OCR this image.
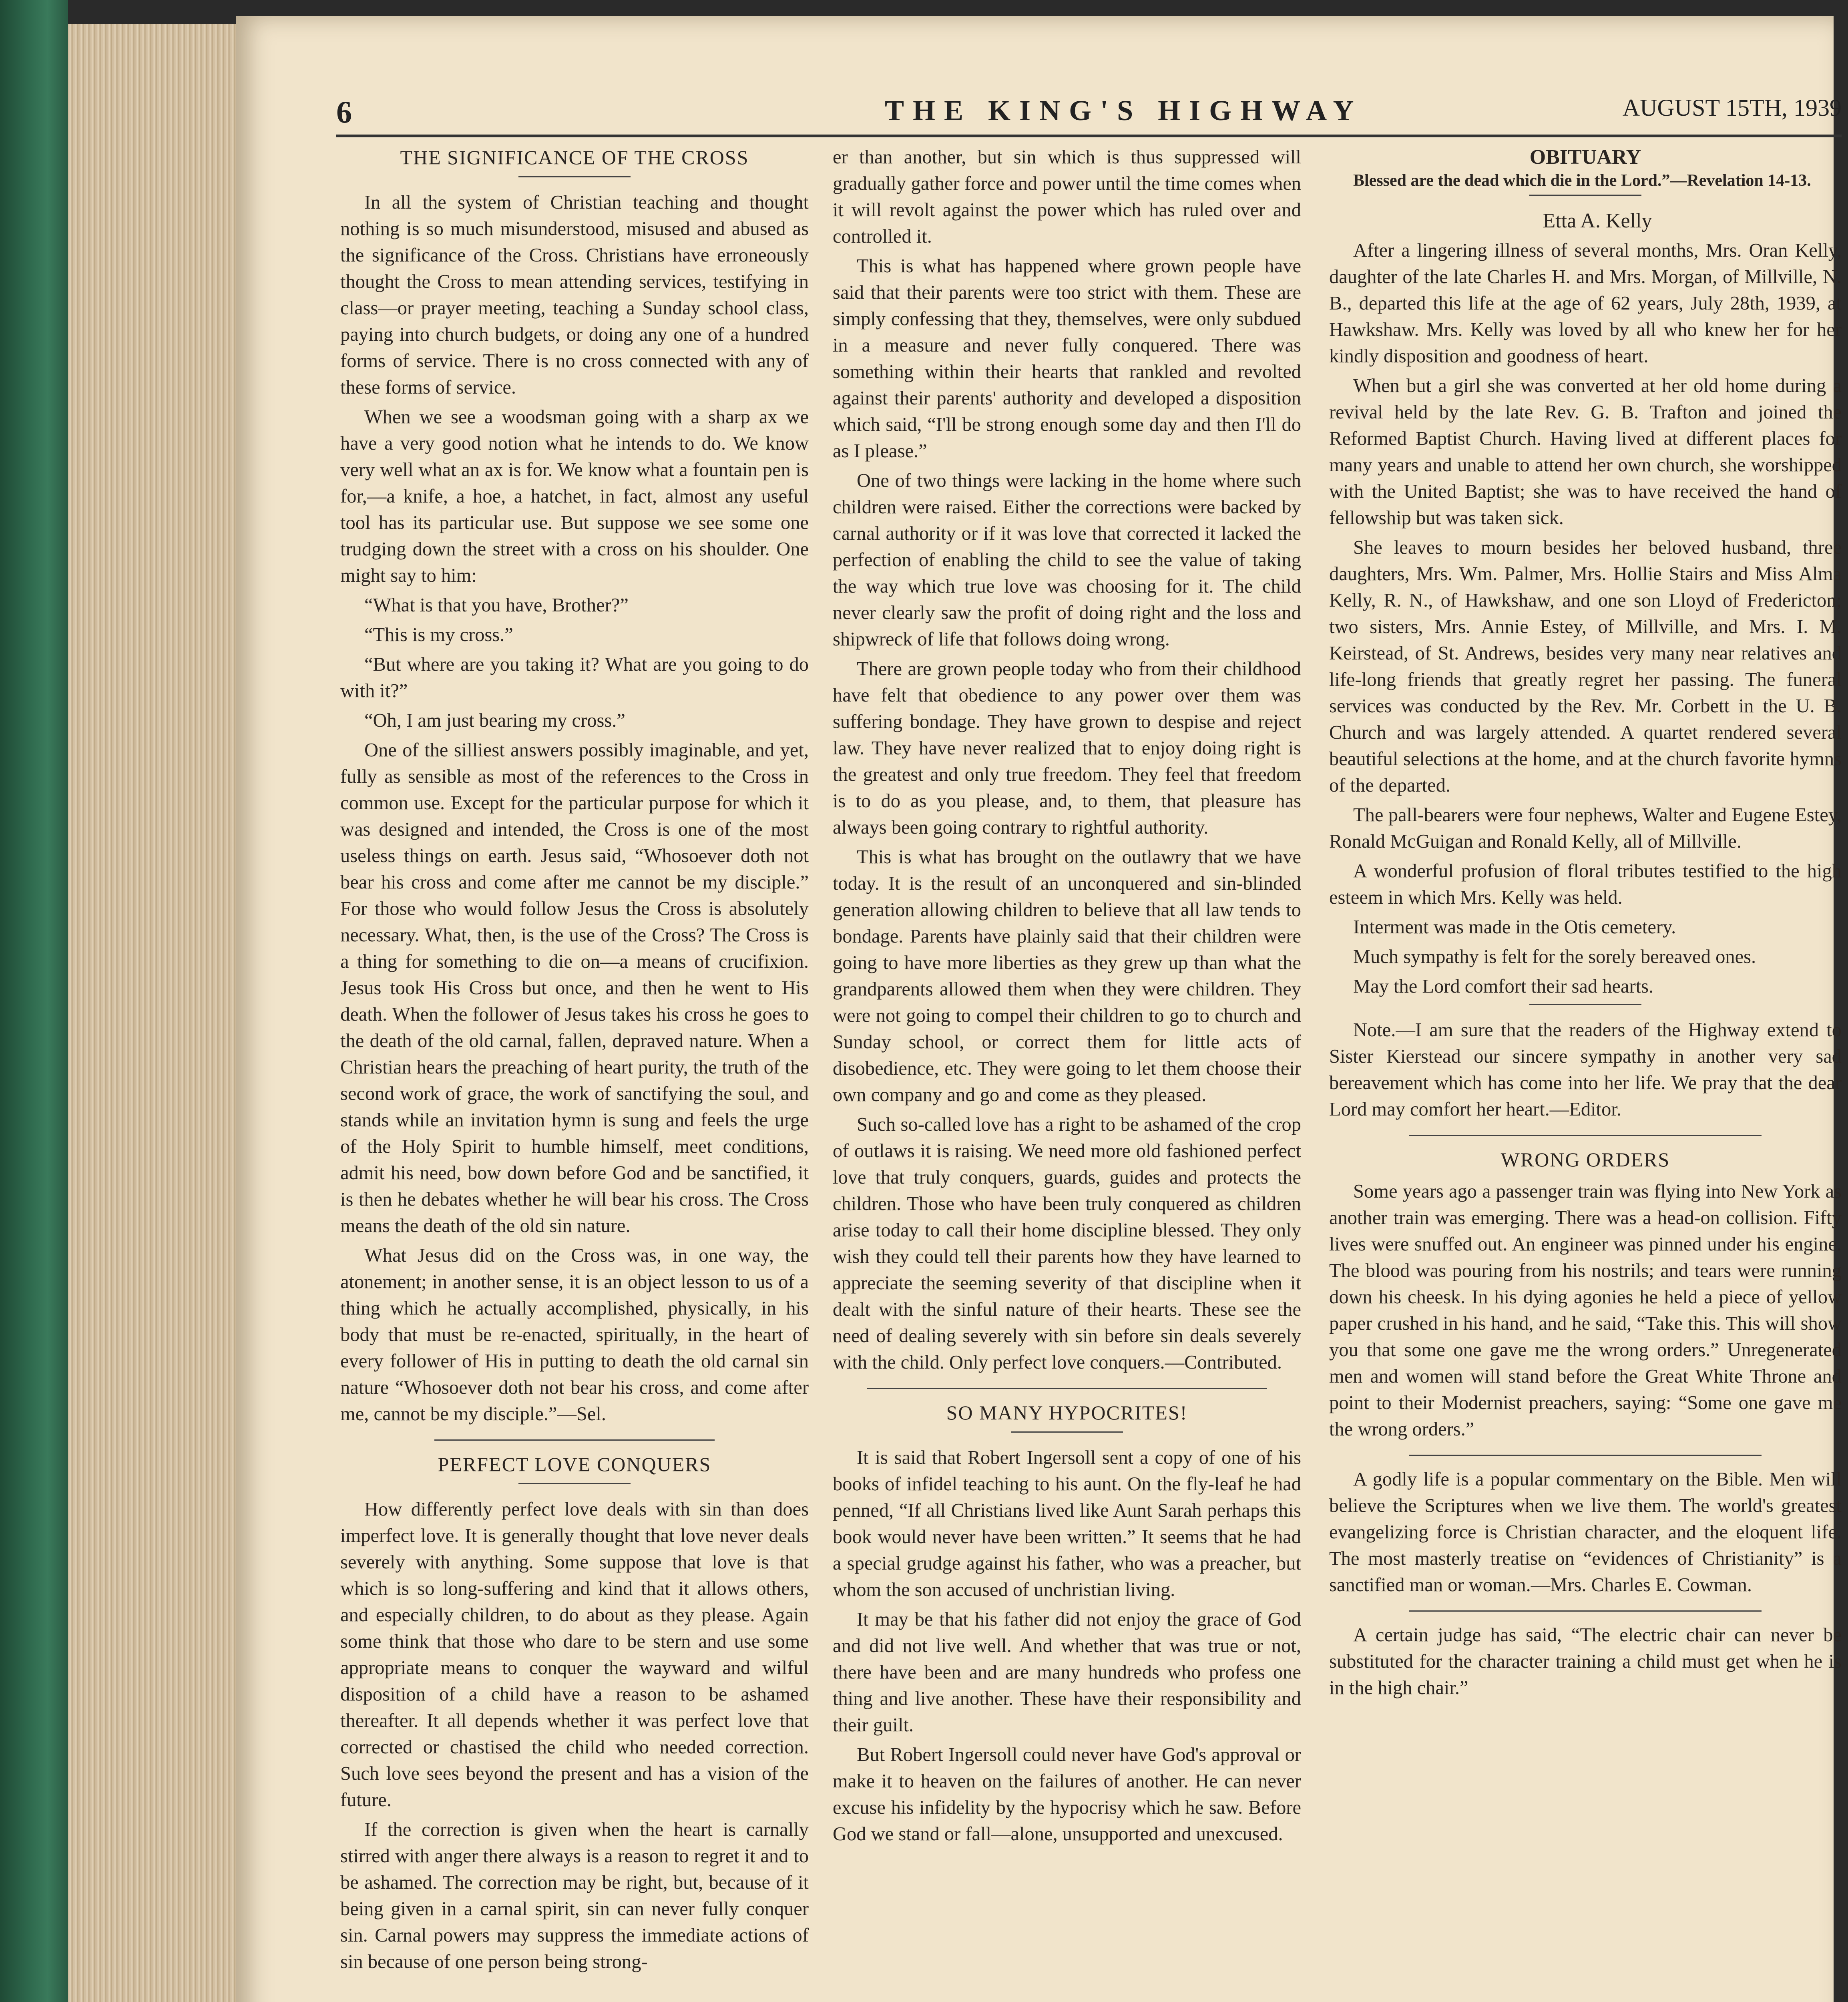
6	THE KING'S HIGHWAY	AUGUST 15TH, 1939
THE SIGNIFICANCE OF THE CROSS

In all the system of Christian teaching and thought nothing is so much misunderstood, misused and abused as the significance of the Cross. Christians have erroneously thought the Cross to mean attending services, testifying in class—or prayer meeting, teaching a Sunday school class, paying into church budgets, or doing any one of a hundred forms of service. There is no cross connected with any of these forms of service.

When we see a woodsman going with a sharp ax we have a very good notion what he intends to do. We know very well what an ax is for. We know what a fountain pen is for,—a knife, a hoe, a hatchet, in fact, almost any useful tool has its particular use. But suppose we see some one trudging down the street with a cross on his shoulder. One might say to him:

“What is that you have, Brother?”

“This is my cross.”

“But where are you taking it? What are you going to do with it?”

“Oh, I am just bearing my cross.”

One of the silliest answers possibly imaginable, and yet, fully as sensible as most of the references to the Cross in common use. Except for the particular purpose for which it was designed and intended, the Cross is one of the most useless things on earth. Jesus said, “Whosoever doth not bear his cross and come after me cannot be my disciple.” For those who would follow Jesus the Cross is absolutely necessary. What, then, is the use of the Cross? The Cross is a thing for something to die on—a means of crucifixion. Jesus took His Cross but once, and then he went to His death. When the follower of Jesus takes his cross he goes to the death of the old carnal, fallen, depraved nature. When a Christian hears the preaching of heart purity, the truth of the second work of grace, the work of sanctifying the soul, and stands while an invitation hymn is sung and feels the urge of the Holy Spirit to humble himself, meet conditions, admit his need, bow down before God and be sanctified, it is then he debates whether he will bear his cross. The Cross means the death of the old sin nature.

What Jesus did on the Cross was, in one way, the atonement; in another sense, it is an object lesson to us of a thing which he actually accomplished, physically, in his body that must be re-enacted, spiritually, in the heart of every follower of His in putting to death the old carnal sin nature “Whosoever doth not bear his cross, and come after me, cannot be my disciple.”—Sel.

PERFECT LOVE CONQUERS

How differently perfect love deals with sin than does imperfect love. It is generally thought that love never deals severely with anything. Some suppose that love is that which is so long-suffering and kind that it allows others, and especially children, to do about as they please. Again some think that those who dare to be stern and use some appropriate means to conquer the wayward and wilful disposition of a child have a reason to be ashamed thereafter. It all depends whether it was perfect love that corrected or chastised the child who needed correction. Such love sees beyond the present and has a vision of the future.

If the correction is given when the heart is carnally stirred with anger there always is a reason to regret it and to be ashamed. The correction may be right, but, because of it being given in a carnal spirit, sin can never fully conquer sin. Carnal powers may suppress the immediate actions of sin because of one person being strong-

er than another, but sin which is thus suppressed will gradually gather force and power until the time comes when it will revolt against the power which has ruled over and controlled it.

This is what has happened where grown people have said that their parents were too strict with them. These are simply confessing that they, themselves, were only subdued in a measure and never fully conquered. There was something within their hearts that rankled and revolted against their parents' authority and developed a disposition which said, “I'll be strong enough some day and then I'll do as I please.”

One of two things were lacking in the home where such children were raised. Either the corrections were backed by carnal authority or if it was love that corrected it lacked the perfection of enabling the child to see the value of taking the way which true love was choosing for it. The child never clearly saw the profit of doing right and the loss and shipwreck of life that follows doing wrong.

There are grown people today who from their childhood have felt that obedience to any power over them was suffering bondage. They have grown to despise and reject law. They have never realized that to enjoy doing right is the greatest and only true freedom. They feel that freedom is to do as you please, and, to them, that pleasure has always been going contrary to rightful authority.

This is what has brought on the outlawry that we have today. It is the result of an unconquered and sin-blinded generation allowing children to believe that all law tends to bondage. Parents have plainly said that their children were going to have more liberties as they grew up than what the grandparents allowed them when they were children. They were not going to compel their children to go to church and Sunday school, or correct them for little acts of disobedience, etc. They were going to let them choose their own company and go and come as they pleased.

Such so-called love has a right to be ashamed of the crop of outlaws it is raising. We need more old fashioned perfect love that truly conquers, guards, guides and protects the children. Those who have been truly conquered as children arise today to call their home discipline blessed. They only wish they could tell their parents how they have learned to appreciate the seeming severity of that discipline when it dealt with the sinful nature of their hearts. These see the need of dealing severely with sin before sin deals severely with the child. Only perfect love conquers.—Contributed.

SO MANY HYPOCRITES!

It is said that Robert Ingersoll sent a copy of one of his books of infidel teaching to his aunt. On the fly-leaf he had penned, “If all Christians lived like Aunt Sarah perhaps this book would never have been written.” It seems that he had a special grudge against his father, who was a preacher, but whom the son accused of unchristian living.

It may be that his father did not enjoy the grace of God and did not live well. And whether that was true or not, there have been and are many hundreds who profess one thing and live another. These have their responsibility and their guilt.

But Robert Ingersoll could never have God's approval or make it to heaven on the failures of another. He can never excuse his infidelity by the hypocrisy which he saw. Before God we stand or fall—alone, unsupported and unexcused.

OBITUARY

Blessed are the dead which die in the Lord.”—Revelation 14-13.

Etta A. Kelly

After a lingering illness of several months, Mrs. Oran Kelly, daughter of the late Charles H. and Mrs. Morgan, of Millville, N. B., departed this life at the age of 62 years, July 28th, 1939, at Hawkshaw. Mrs. Kelly was loved by all who knew her for her kindly disposition and goodness of heart.

When but a girl she was converted at her old home during a revival held by the late Rev. G. B. Trafton and joined the Reformed Baptist Church. Having lived at different places for many years and unable to attend her own church, she worshipped with the United Baptist; she was to have received the hand of fellowship but was taken sick.

She leaves to mourn besides her beloved husband, three daughters, Mrs. Wm. Palmer, Mrs. Hollie Stairs and Miss Alma Kelly, R. N., of Hawkshaw, and one son Lloyd of Fredericton; two sisters, Mrs. Annie Estey, of Millville, and Mrs. I. M. Keirstead, of St. Andrews, besides very many near relatives and life-long friends that greatly regret her passing. The funeral services was conducted by the Rev. Mr. Corbett in the U. B. Church and was largely attended. A quartet rendered several beautiful selections at the home, and at the church favorite hymns of the departed.

The pall-bearers were four nephews, Walter and Eugene Estey, Ronald McGuigan and Ronald Kelly, all of Millville.

A wonderful profusion of floral tributes testified to the high esteem in which Mrs. Kelly was held.

Interment was made in the Otis cemetery.

Much sympathy is felt for the sorely bereaved ones.

May the Lord comfort their sad hearts.

Note.—I am sure that the readers of the Highway extend to Sister Kierstead our sincere sympathy in another very sad bereavement which has come into her life. We pray that the dear Lord may comfort her heart.—Editor.

WRONG ORDERS

Some years ago a passenger train was flying into New York as another train was emerging. There was a head-on collision. Fifty lives were snuffed out. An engineer was pinned under his engine. The blood was pouring from his nostrils; and tears were running down his cheesk. In his dying agonies he held a piece of yellow paper crushed in his hand, and he said, “Take this. This will show you that some one gave me the wrong orders.” Unregenerated men and women will stand before the Great White Throne and point to their Modernist preachers, saying: “Some one gave me the wrong orders.”

A godly life is a popular commentary on the Bible. Men will believe the Scriptures when we live them. The world's greatest evangelizing force is Christian character, and the eloquent life. The most masterly treatise on “evidences of Christianity” is a sanctified man or woman.—Mrs. Charles E. Cowman.

A certain judge has said, “The electric chair can never be substituted for the character training a child must get when he is in the high chair.”
